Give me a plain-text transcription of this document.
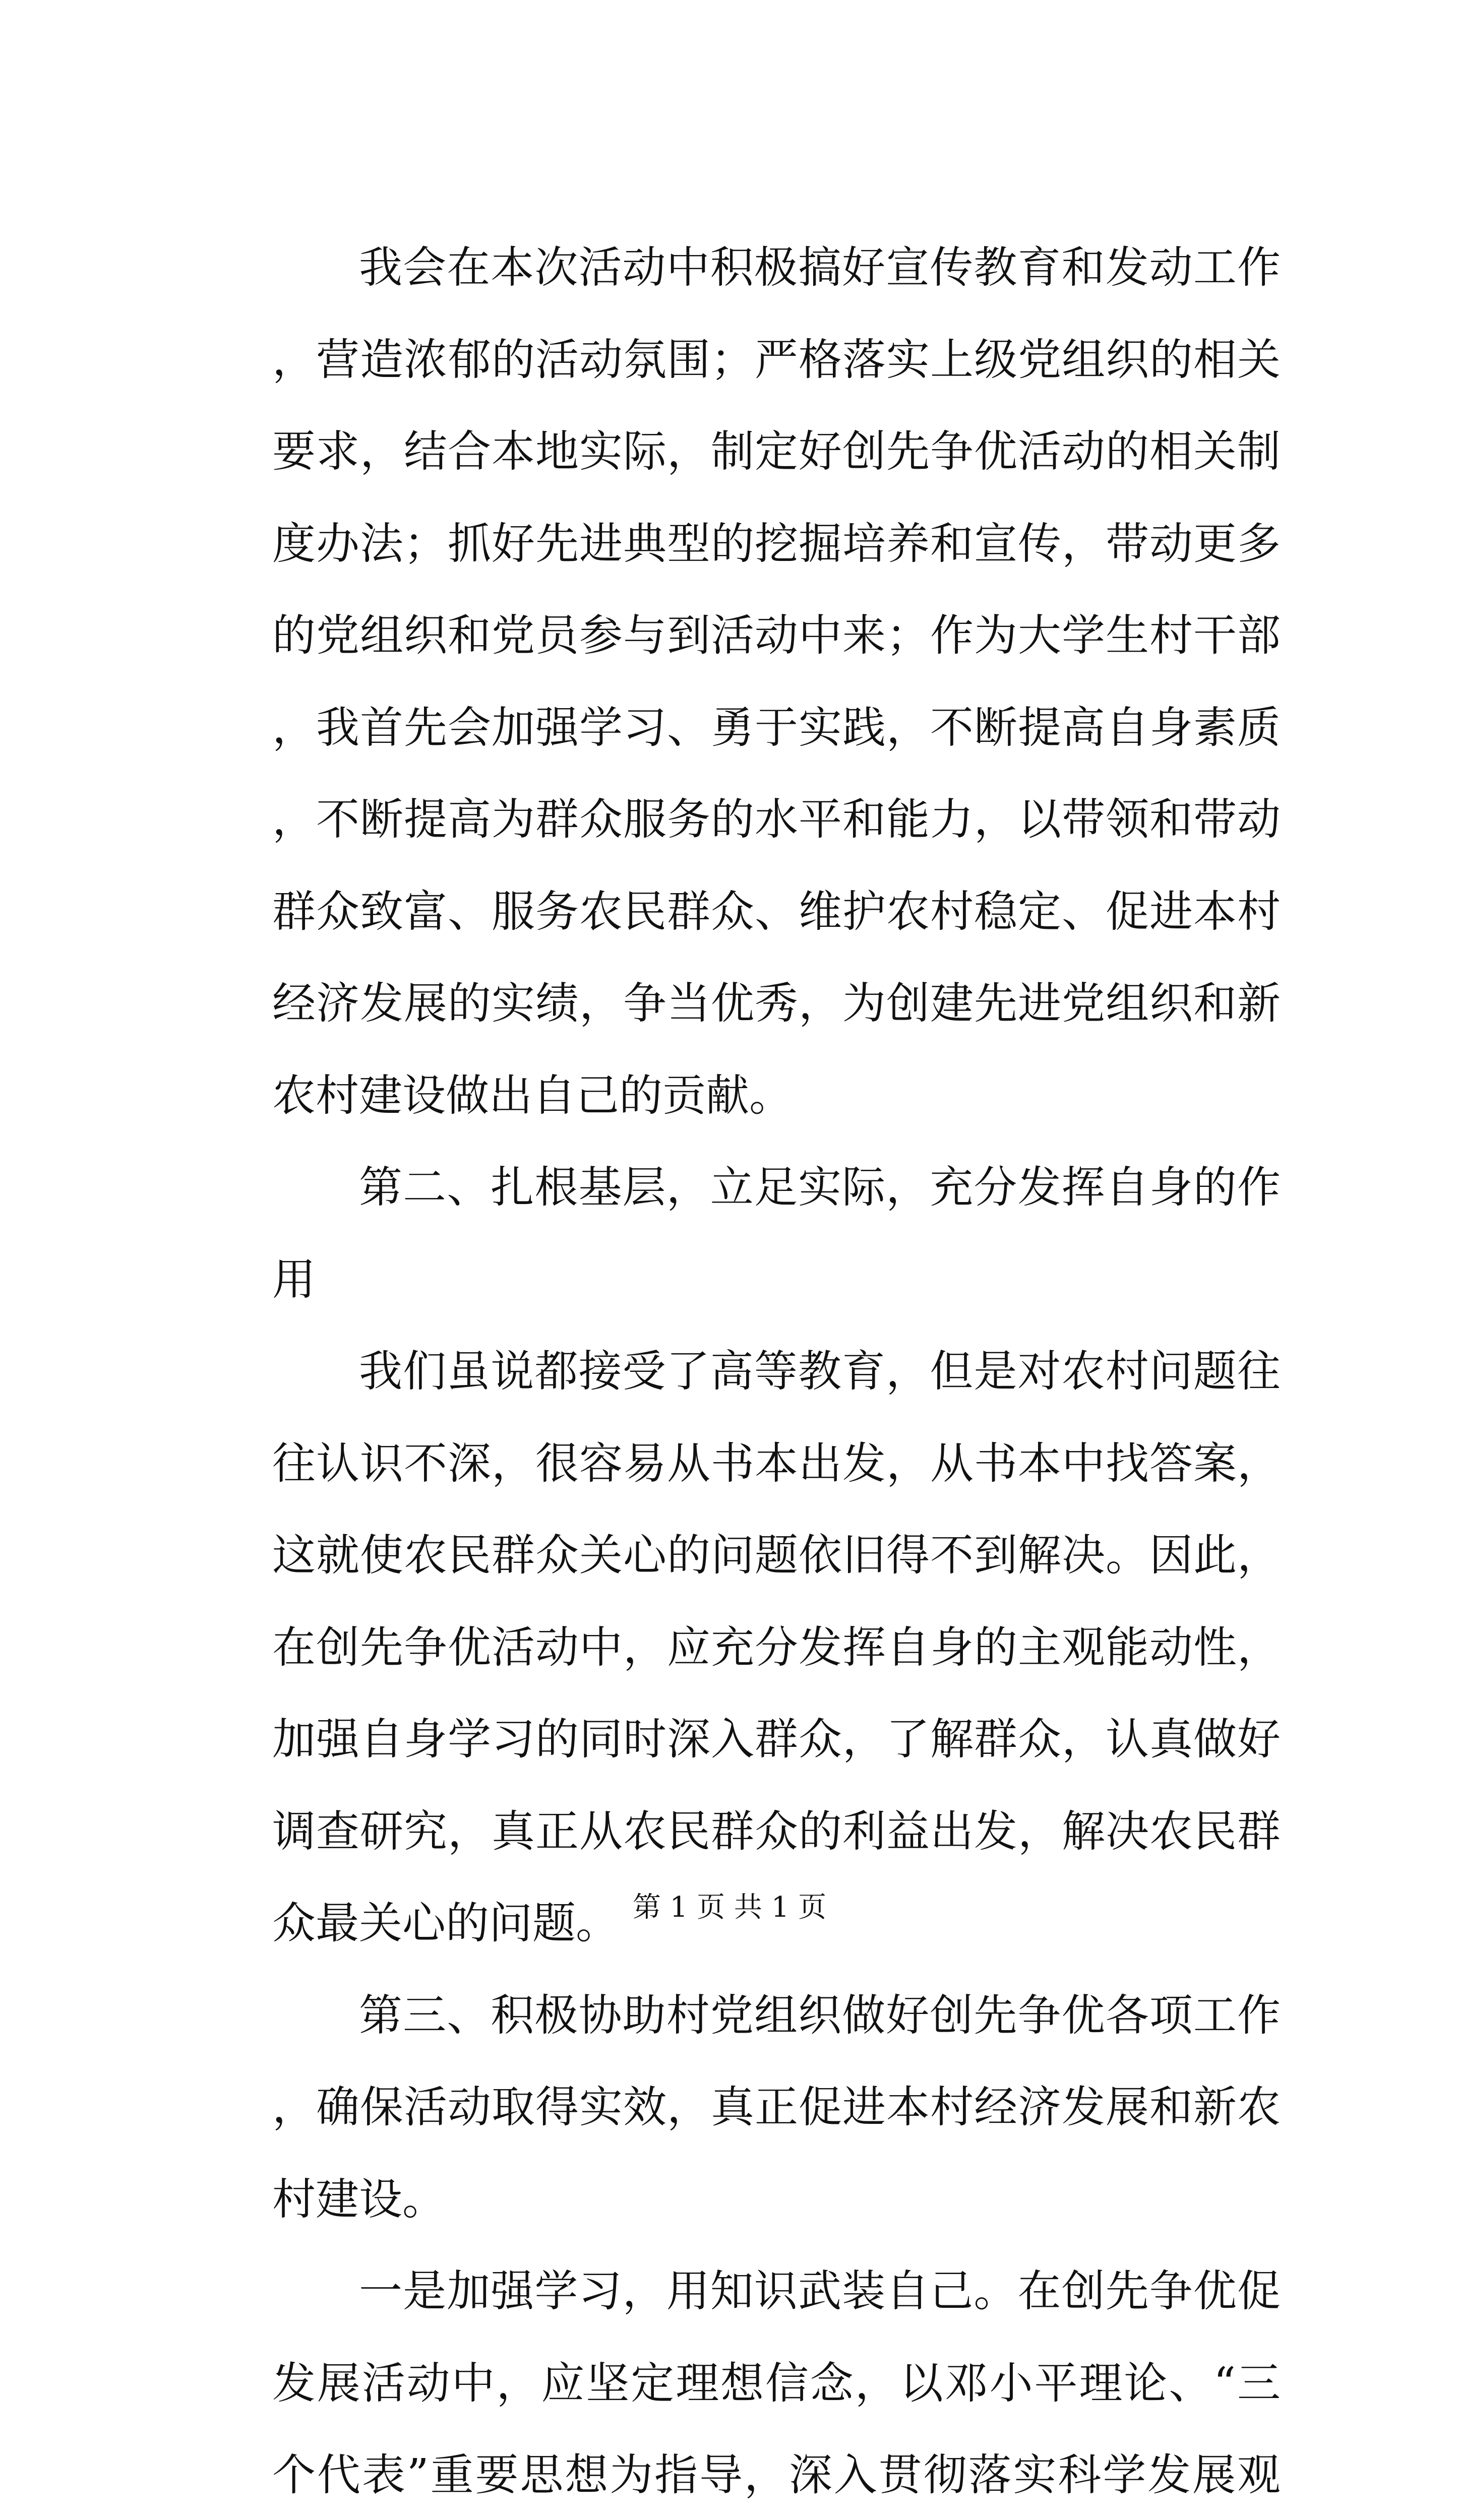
我会在本次活动中积极搞好宣传教育和发动工作，营造浓郁的活动氛围；严格落实上级党组织的相关要求，结合本地实际，制定好创先争优活动的相关制度办法；抓好先进典型的挖掘培养和宣传，带动更多的党组织和党员参与到活动中来；作为大学生村干部，我首先会加强学习、勇于实践，不断提高自身素质，不断提高为群众服务的水平和能力，以带领和带动群众致富、服务农民群众、维护农村稳定、促进本村经济发展的实绩，争当优秀，为创建先进党组织和新农村建设做出自己的贡献。

第二、扎根基层，立足实际，充分发挥自身的作用

我们虽说都接受了高等教育，但是对农村问题往往认识不深，很容易从书本出发，从书本中找答案，这就使农民群众关心的问题依旧得不到解决。因此，在创先争优活动中，应充分发挥自身的主观能动性，加强自身学习的同时深入群众，了解群众，认真做好调查研究，真正从农民群众的利益出发，解决农民群众最关心的问题。

第三、积极协助村党组织做好创先争优各项工作，确保活动取得实效，真正促进本村经济发展和新农村建设。

一是加强学习，用知识武装自己。在创先争优促发展活动中，应坚定理想信念，以邓小平理论、“三个代表”重要思想为指导，深入贯彻落实科学发展观

第 1 页 共 1 页
